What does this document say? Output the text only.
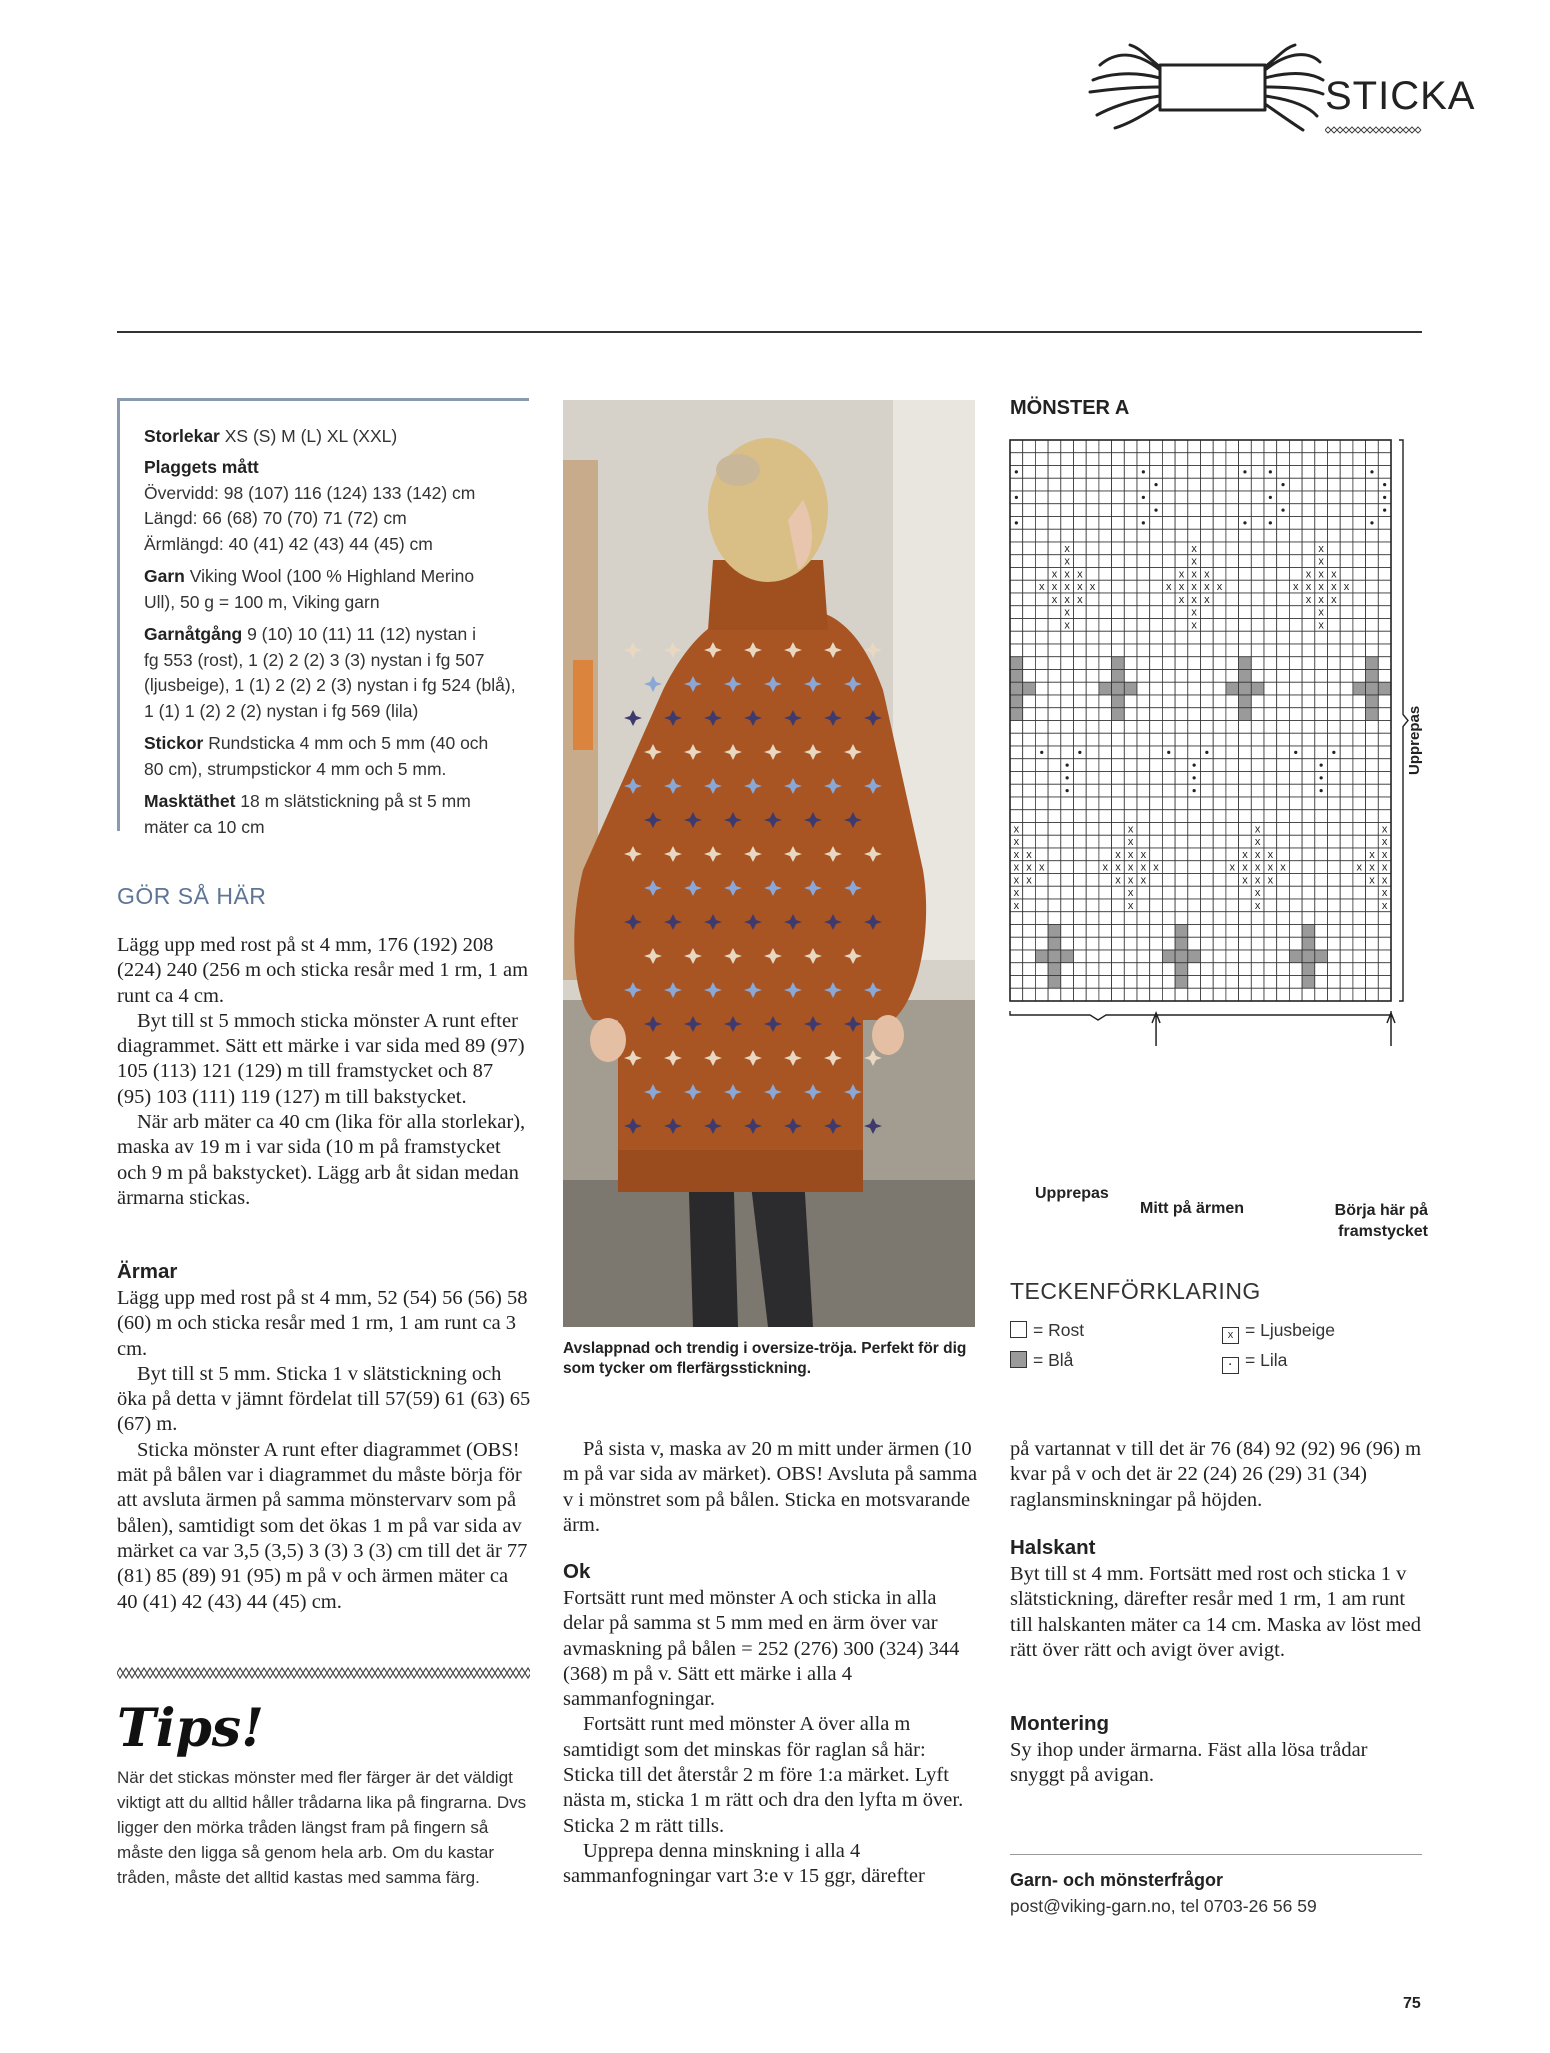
STICKA
Storlekar XS (S) M (L) XL (XXL)
Plaggets mått
Övervidd: 98 (107) 116 (124) 133 (142) cm
Längd: 66 (68) 70 (70) 71 (72) cm
Ärmlängd: 40 (41) 42 (43) 44 (45) cm
Garn Viking Wool (100 % Highland Merino
Ull), 50 g = 100 m, Viking garn
Garnåtgång 9 (10) 10 (11) 11 (12) nystan i
fg 553 (rost), 1 (2) 2 (2) 3 (3) nystan i fg 507
(ljusbeige), 1 (1) 2 (2) 2 (3) nystan i fg 524 (blå),
1 (1) 1 (2) 2 (2) nystan i fg 569 (lila)
Stickor Rundsticka 4 mm och 5 mm (40 och
80 cm), strumpstickor 4 mm och 5 mm.
Masktäthet 18 m slätstickning på st 5 mm
mäter ca 10 cm
GÖR SÅ HÄR

Lägg upp med rost på st 4 mm, 176 (192) 208 (224) 240 (256 m och sticka resår med 1 rm, 1 am runt ca 4 cm.

Byt till st 5 mmoch sticka mönster A runt efter diagrammet. Sätt ett märke i var sida med 89 (97) 105 (113) 121 (129) m till framstycket och 87 (95) 103 (111) 119 (127) m till bakstycket.

När arb mäter ca 40 cm (lika för alla storlekar), maska av 19 m i var sida (10 m på framstycket och 9 m på bakstycket). Lägg arb åt sidan medan ärmarna stickas.

Ärmar

Lägg upp med rost på st 4 mm, 52 (54) 56 (56) 58 (60) m och sticka resår med 1 rm, 1 am runt ca 3 cm.

Byt till st 5 mm. Sticka 1 v slätstickning och öka på detta v jämnt fördelat till 57(59) 61 (63) 65 (67) m.

Sticka mönster A runt efter diagrammet (OBS! mät på bålen var i diagrammet du måste börja för att avsluta ärmen på samma mönstervarv som på bålen), samtidigt som det ökas 1 m på var sida av märket ca var 3,5 (3,5) 3 (3) 3 (3) cm till det är 77 (81) 85 (89) 91 (95) m på v och ärmen mäter ca 40 (41) 42 (43) 44 (45) cm.

Tips!
När det stickas mönster med fler färger är det väldigt viktigt att du alltid håller trådarna lika på fingrarna. Dvs ligger den mörka tråden längst fram på fingern så måste den ligga så genom hela arb. Om du kastar tråden, måste det alltid kastas med samma färg.
Avslappnad och trendig i oversize-tröja. Perfekt för dig som tycker om flerfärgsstickning.

På sista v, maska av 20 m mitt under ärmen (10 m på var sida av märket). OBS! Avsluta på samma v i mönstret som på bålen. Sticka en motsvarande ärm.

Ok

Fortsätt runt med mönster A och sticka in alla delar på samma st 5 mm med en ärm över var avmaskning på bålen = 252 (276) 300 (324) 344 (368) m på v. Sätt ett märke i alla 4 sammanfogningar.

Fortsätt runt med mönster A över alla m samtidigt som det minskas för raglan så här: Sticka till det återstår 2 m före 1:a märket. Lyft nästa m, sticka 1 m rätt och dra den lyfta m över. Sticka 2 m rätt tills.

Upprepa denna minskning i alla 4 sammanfogningar vart 3:e v 15 ggr, därefter

MÖNSTER A
x	x	x
x	x	x
x x x	x x x	x x x
x x x x x	x x x x x	x x x x x
x x x	x x x	x x x
x	x	x
x	x	x
x	x	x	x
x	x	x	x
x x	x x x	x x x	x x
x x x	x x x x x	x x x x x	x x x
x x	x x x	x x x	x x
x	x	x	x
x	x	x	x
Upprepas
Upprepas
Mitt på ärmen	Börja här på framstycket
TECKENFÖRKLARING
= Rost	x = Ljusbeige
= Blå	· = Lila
på vartannat v till det är 76 (84) 92 (92) 96 (96) m kvar på v och det är 22 (24) 26 (29) 31 (34) raglansminskningar på höjden.
Halskant
Byt till st 4 mm. Fortsätt med rost och sticka 1 v slätstickning, därefter resår med 1 rm, 1 am runt till halskanten mäter ca 14 cm. Maska av löst med rätt över rätt och avigt över avigt.
Montering
Sy ihop under ärmarna. Fäst alla lösa trådar snyggt på avigan.
Garn- och mönsterfrågor
post@viking-garn.no, tel 0703-26 56 59
75
